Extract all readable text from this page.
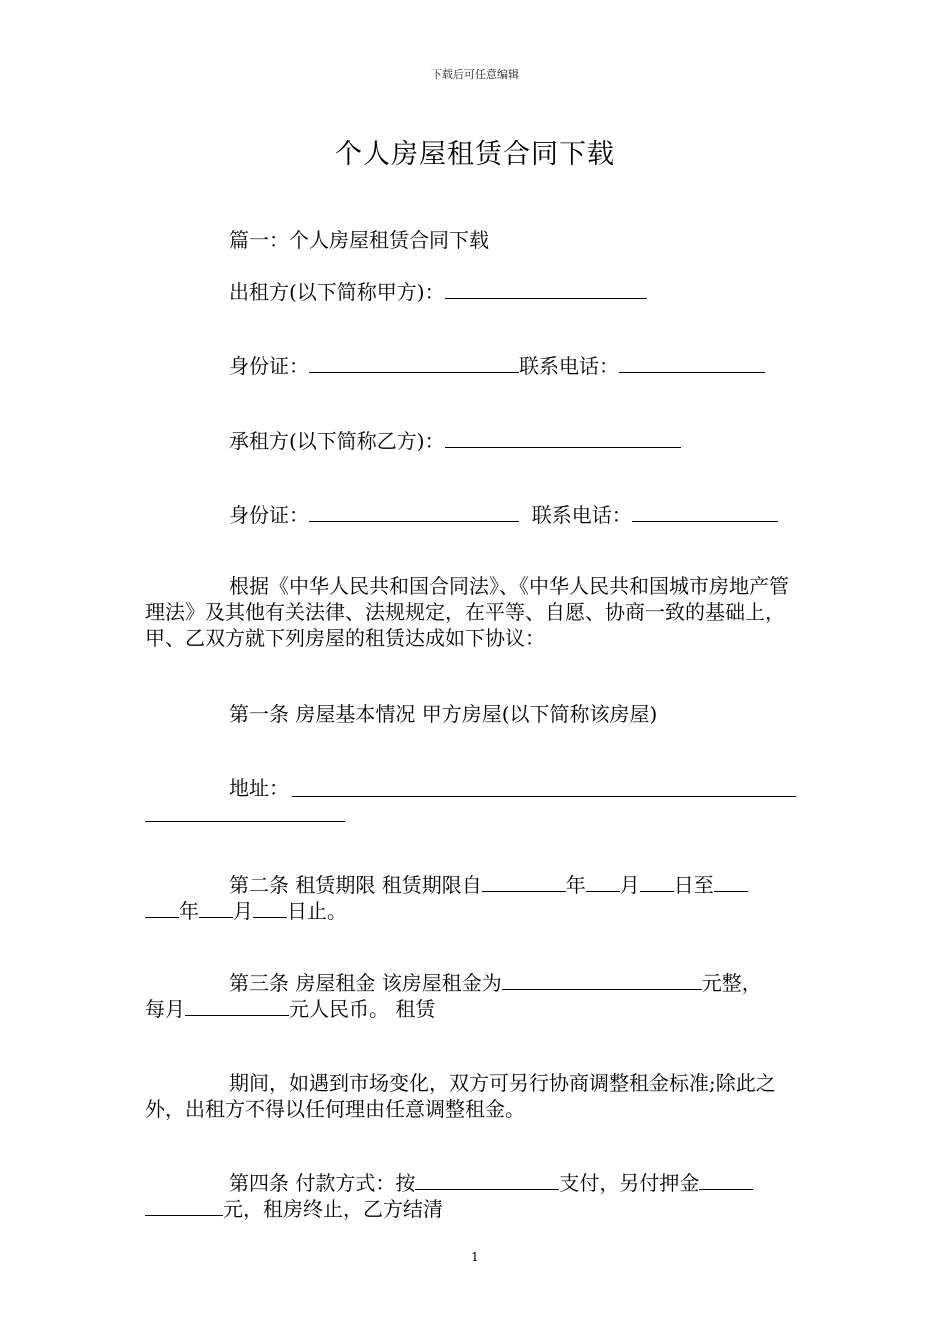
下载后可任意编辑
个人房屋租赁合同下载
篇一：个人房屋租赁合同下载
出租方(以下简称甲方)：
身份证：	联系电话：
承租方(以下简称乙方)：
身份证：	联系电话：
根据《中华人民共和国合同法》、《中华人民共和国城市房地产管理法》及其他有关法律、法规规定，在平等、自愿、协商一致的基础上，甲、乙双方就下列房屋的租赁达成如下协议：
第一条 房屋基本情况 甲方房屋(以下简称该房屋)
地址：
第二条 租赁期限 租赁期限自	年 月 日至
年 月 日止。
第三条 房屋租金 该房屋租金为	元整，
每月	元人民币。 租赁
期间，如遇到市场变化，双方可另行协商调整租金标准;除此之外，出租方不得以任何理由任意调整租金。
第四条 付款方式：按	支付，另付押金
元，租房终止，乙方结清
1
